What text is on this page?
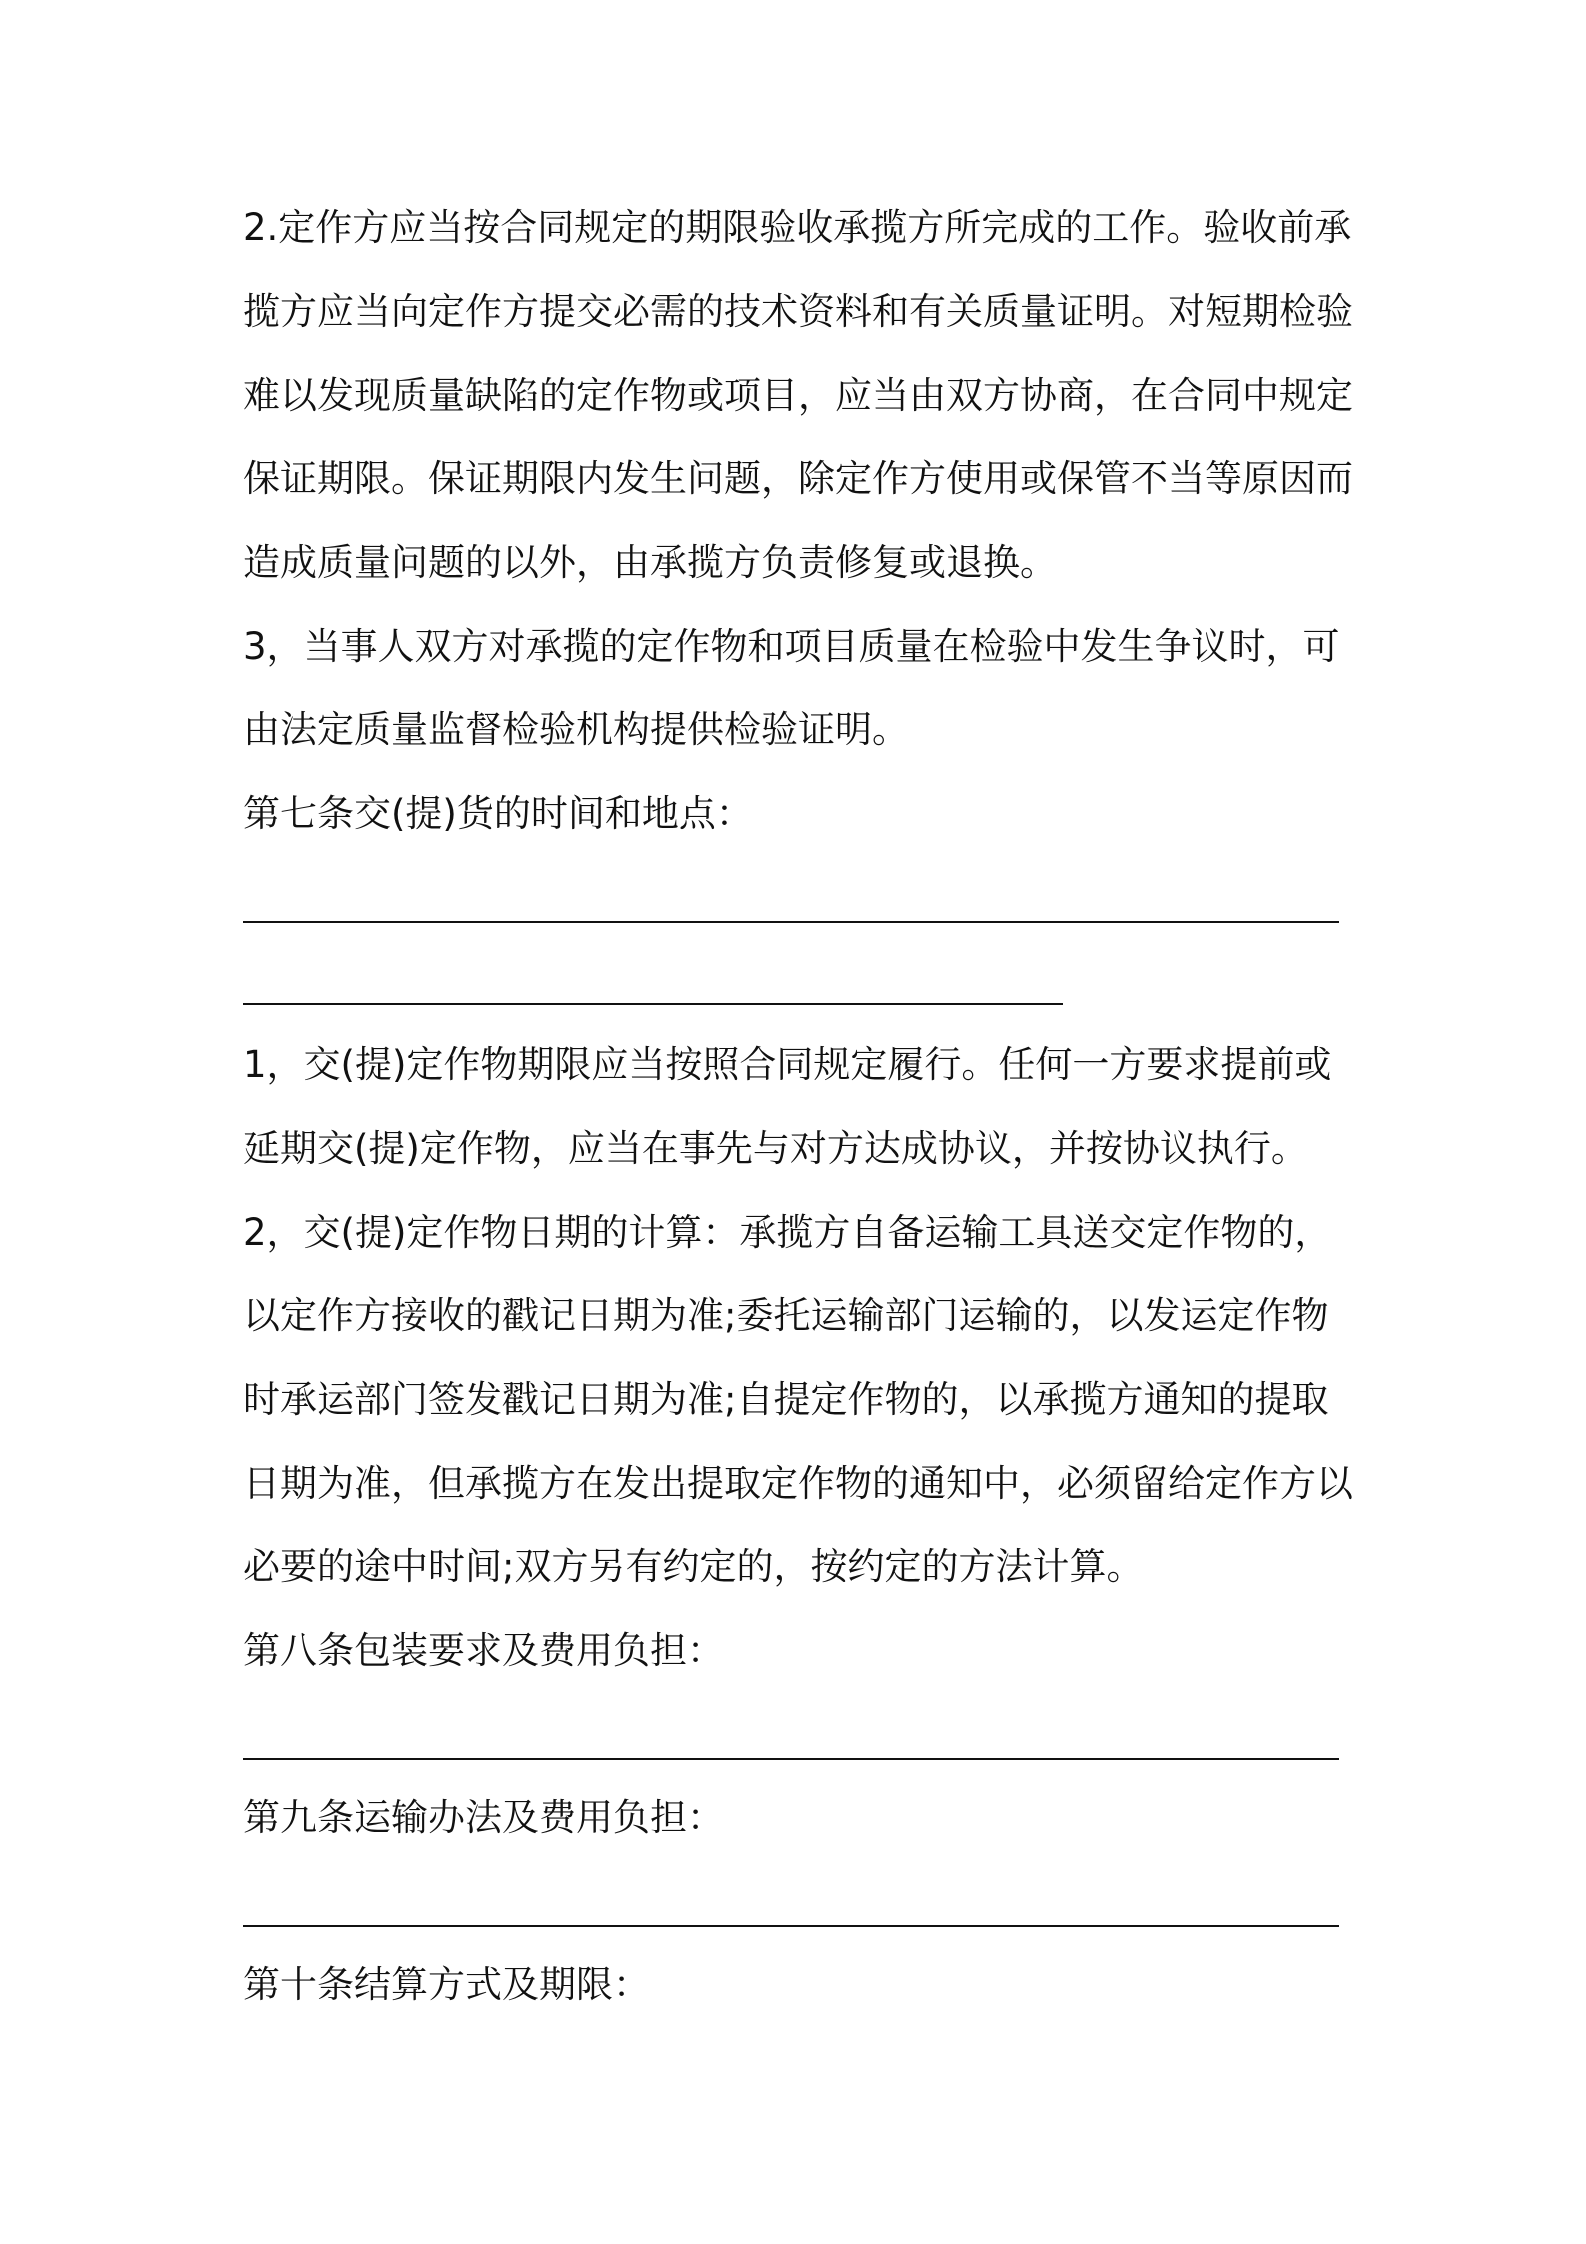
2.定作方应当按合同规定的期限验收承揽方所完成的工作。验收前承
揽方应当向定作方提交必需的技术资料和有关质量证明。对短期检验
难以发现质量缺陷的定作物或项目，应当由双方协商，在合同中规定
保证期限。保证期限内发生问题，除定作方使用或保管不当等原因而
造成质量问题的以外，由承揽方负责修复或退换。
3，当事人双方对承揽的定作物和项目质量在检验中发生争议时，可
由法定质量监督检验机构提供检验证明。
第七条交(提)货的时间和地点：
1，交(提)定作物期限应当按照合同规定履行。任何一方要求提前或
延期交(提)定作物，应当在事先与对方达成协议，并按协议执行。
2，交(提)定作物日期的计算：承揽方自备运输工具送交定作物的，
以定作方接收的戳记日期为准;委托运输部门运输的，以发运定作物
时承运部门签发戳记日期为准;自提定作物的，以承揽方通知的提取
日期为准，但承揽方在发出提取定作物的通知中，必须留给定作方以
必要的途中时间;双方另有约定的，按约定的方法计算。
第八条包装要求及费用负担：
第九条运输办法及费用负担：
第十条结算方式及期限：
